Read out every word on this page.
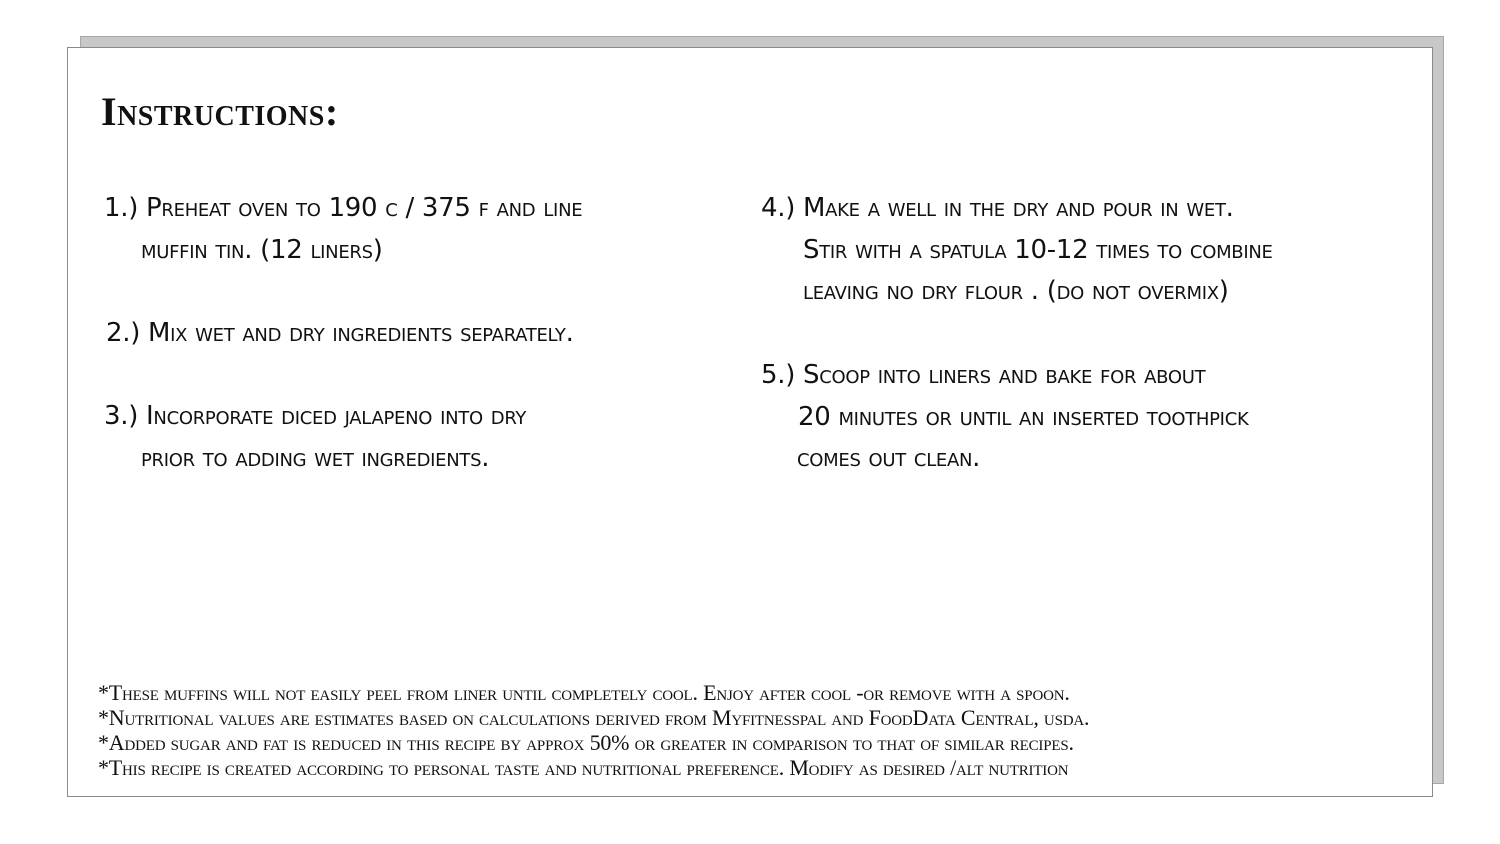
Instructions:
1.) Preheat oven to 190 c / 375 f and line
muffin tin. (12 liners)
2.) Mix wet and dry ingredients separately.
3.) Incorporate diced jalapeno into dry
prior to adding wet ingredients.
4.) Make a well in the dry and pour in wet.
Stir with a spatula 10-12 times to combine
leaving no dry flour . (do not overmix)
5.) Scoop into liners and bake for about
20 minutes or until an inserted toothpick
comes out clean.
*These muffins will not easily peel from liner until completely cool. Enjoy after cool -or remove with a spoon.
*Nutritional values are estimates based on calculations derived from Myfitnesspal and FoodData Central, usda.
*Added sugar and fat is reduced in this recipe by approx 50% or greater in comparison to that of similar recipes.
*This recipe is created according to personal taste and nutritional preference. Modify as desired /alt nutrition
